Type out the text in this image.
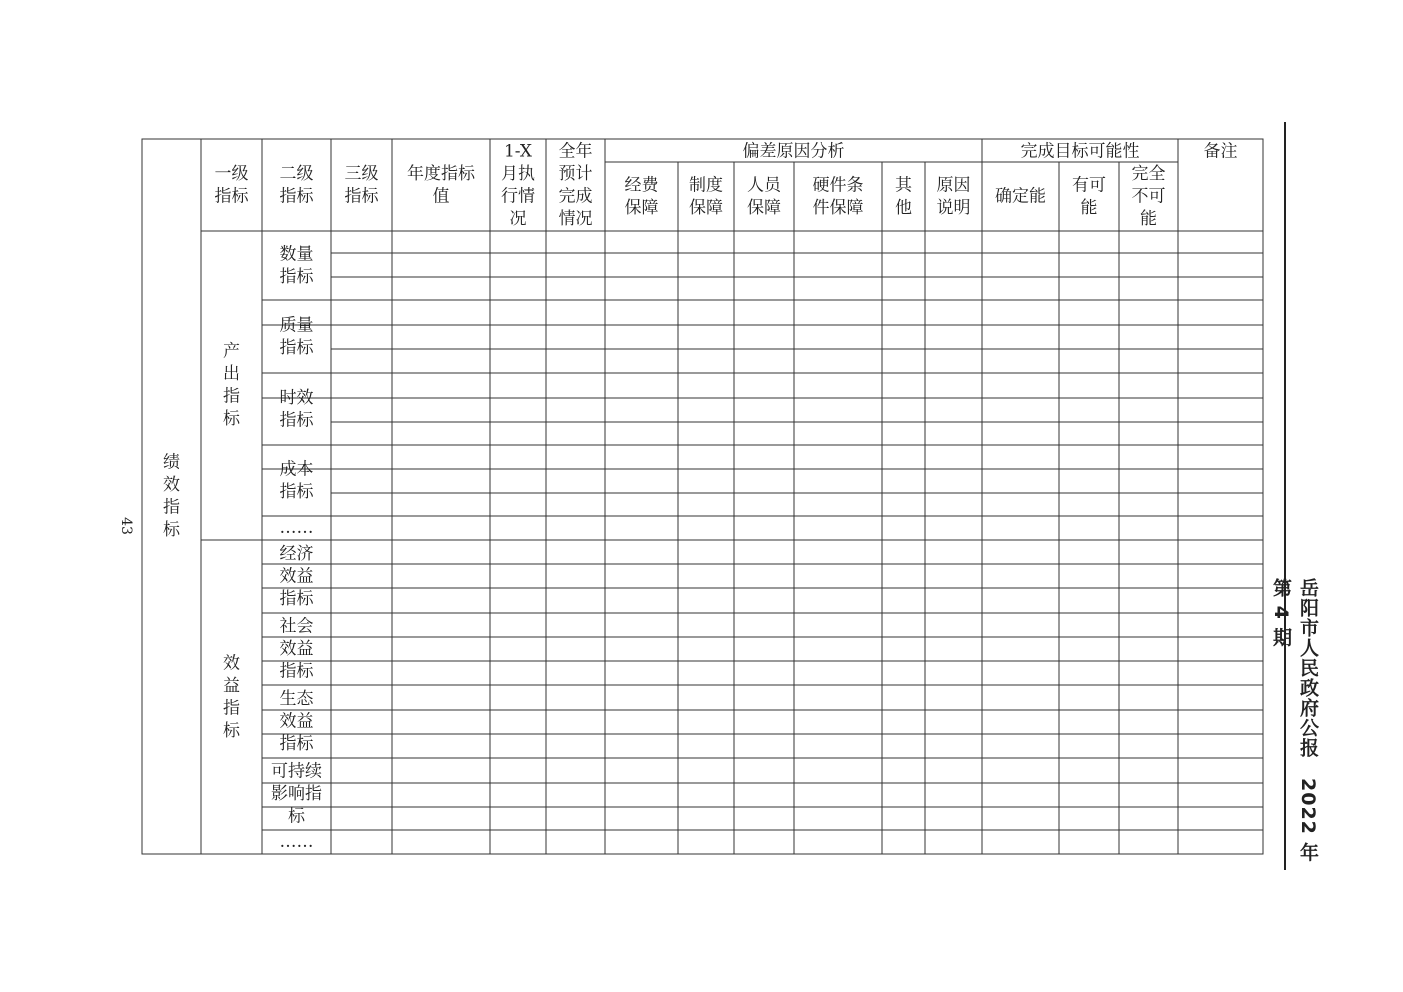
43
偏差原因分析	完成目标可能性	备注
一级
指标
二级
指标
三级
指标
年度指标
值
1-X
月执
行情
况
全年
预计
完成
情况
经费
保障
制度
保障
人员
保障
硬件条
件保障
其
他
原因
说明
确定能
有可
能
完全
不可
能
绩
效
指
标
产
出
指
标
效
益
指
标
数量
指标
质量
指标
时效
指标
成本
指标
……
经济
效益
指标
社会
效益
指标
生态
效益
指标
可持续
影响指
标
……
岳阳市人民政府公报　2022 年第 4 期
